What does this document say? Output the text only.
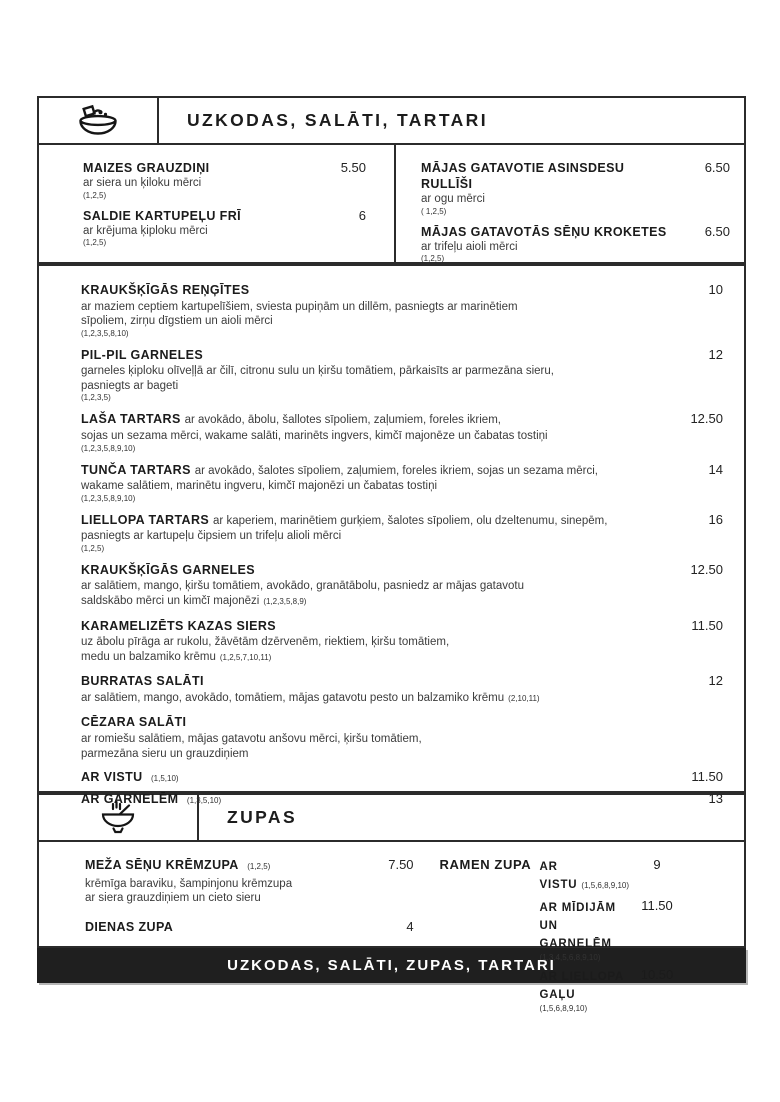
UZKODAS, SALĀTI, TARTARI
MAIZES GRAUZDIŅI
ar siera un ķiloku mērci
(1,2,5)
5.50
SALDIE KARTUPEĻU FRĪ
ar krējuma ķiploku mērci
(1,2,5)
6
MĀJAS GATAVOTIE ASINSDESU RULLĪŠI
ar ogu mērci
( 1,2,5)
6.50
MĀJAS GATAVOTĀS SĒŅU KROKETES
ar trifeļu aioli mērci
(1,2,5)
6.50
KRAUKŠĶĪGĀS REŅĢĪTES
ar maziem ceptiem kartupelīšiem, sviesta pupiņām un dillēm, pasniegts ar marinētiem
sīpoliem, zirņu dīgstiem un aioli mērci
(1,2,3,5,8,10)
10
PIL-PIL GARNELES
garneles ķiploku olīveļļā ar čilī, citronu sulu un ķiršu tomātiem, pārkaisīts ar parmezāna sieru,
pasniegts ar bageti
(1,2,3,5)
12
LAŠA TARTARS ar avokādo, ābolu, šallotes sīpoliem, zaļumiem, foreles ikriem,
sojas un sezama mērci, wakame salāti, marinēts ingvers, kimčī majonēze un čabatas tostiņi
(1,2,3,5,8,9,10)
12.50
TUNČA TARTARS ar avokādo, šalotes sīpoliem, zaļumiem, foreles ikriem, sojas un sezama mērci,
wakame salātiem, marinētu ingveru, kimčī majonēzi un čabatas tostiņi
(1,2,3,5,8,9,10)
14
LIELLOPA TARTARS ar kaperiem, marinētiem gurķiem, šalotes sīpoliem, olu dzeltenumu, sinepēm,
pasniegts ar kartupeļu čipsiem un trifeļu alioli mērci
(1,2,5)
16
KRAUKŠĶĪGĀS GARNELES
ar salātiem, mango, ķiršu tomātiem, avokādo, granātābolu, pasniedz ar mājas gatavotu
saldskābo mērci un kimčī majonēzi (1,2,3,5,8,9)
12.50
KARAMELIZĒTS KAZAS SIERS
uz ābolu pīrāga ar rukolu, žāvētām dzērvenēm, riektiem, ķiršu tomātiem,
medu un balzamiko krēmu (1,2,5,7,10,11)
11.50
BURRATAS SALĀTI
ar salātiem, mango, avokādo, tomātiem, mājas gatavotu pesto un balzamiko krēmu (2,10,11)
12
CĒZARA SALĀTI
ar romiešu salātiem, mājas gatavotu anšovu mērci, ķiršu tomātiem,
parmezāna sieru un grauzdiņiem
AR VISTU (1,5,10)	11.50
AR GARNELĒM (1,3,5,10)	13
ZUPAS
MEŽA SĒŅU KRĒMZUPA (1,2,5)
krēmīga baraviku, šampinjonu krēmzupa
ar siera grauzdiņiem un cieto sieru
7.50
DIENAS ZUPA	4
RAMEN ZUPA AR VISTU (1,5,6,8,9,10)
9
AR MĪDIJĀM UN GARNELĒM
(1,3,4,5,6,8,9,10)
11.50
AR LIELLOPA GAĻU
(1,5,6,8,9,10)
10.50
UZKODAS, SALĀTI, ZUPAS, TARTARI
